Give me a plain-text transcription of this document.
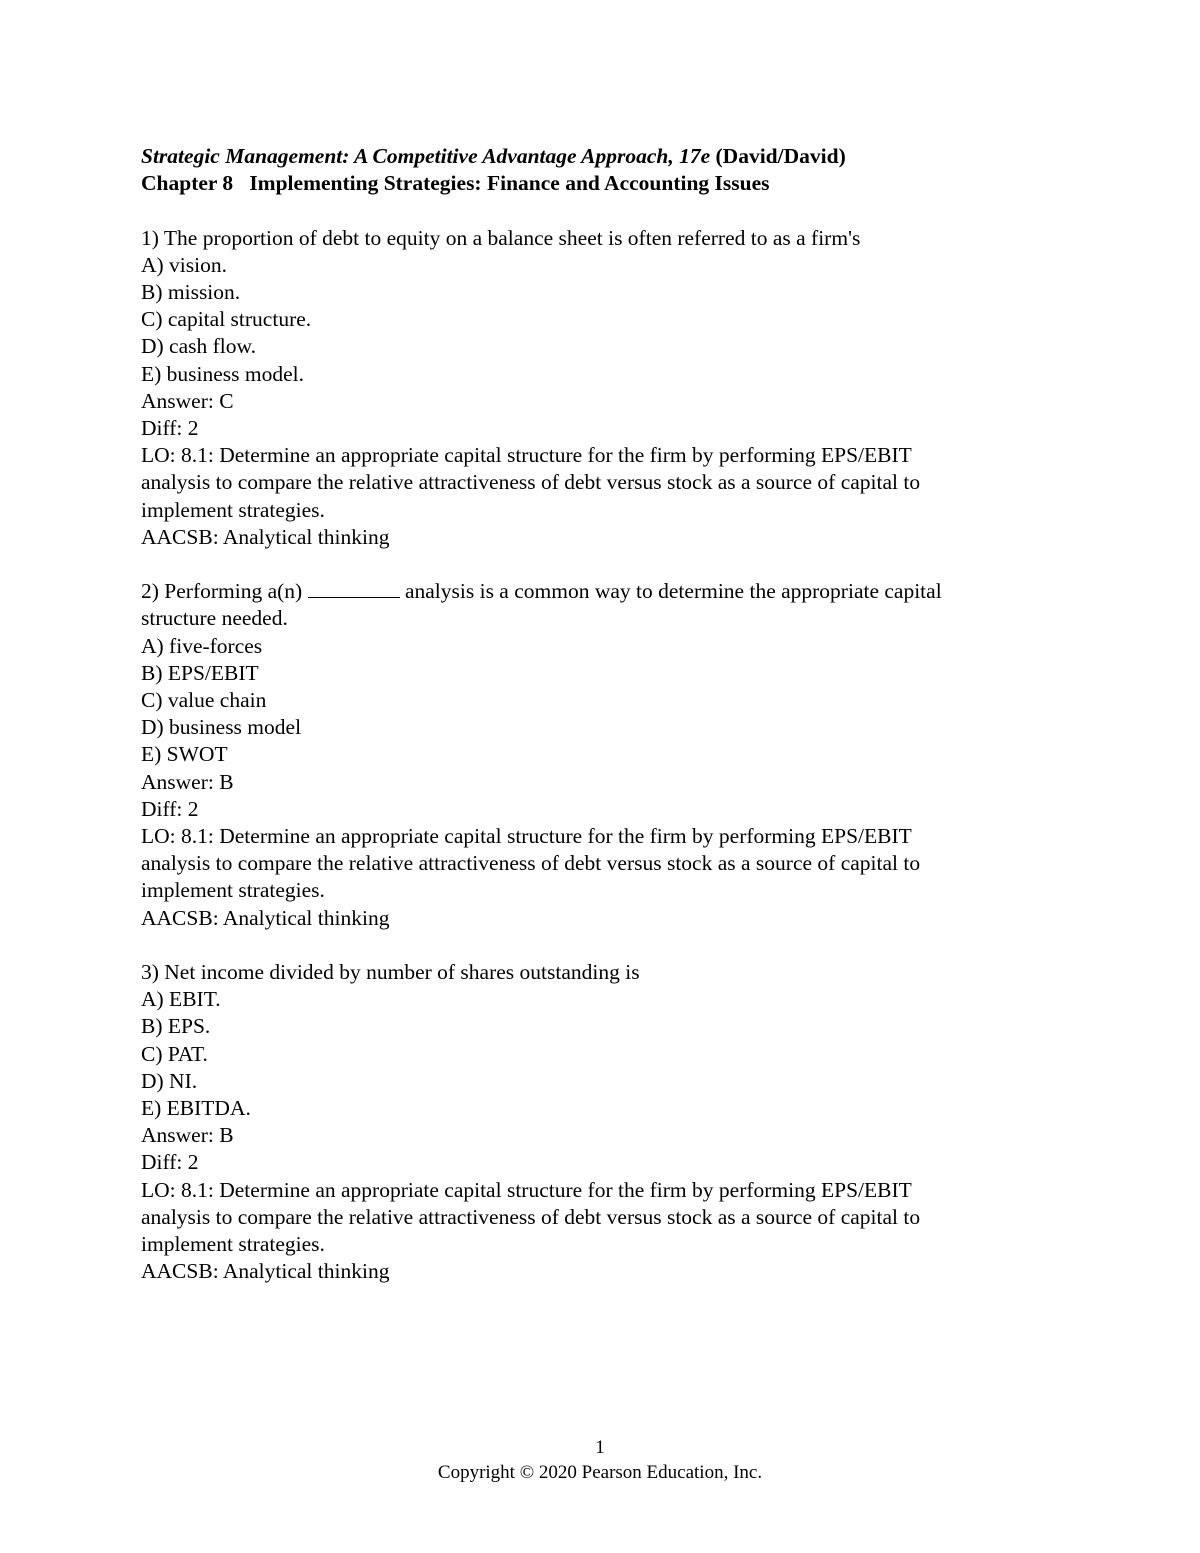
Strategic Management: A Competitive Advantage Approach, 17e (David/David)
Chapter 8 Implementing Strategies: Finance and Accounting Issues
1) The proportion of debt to equity on a balance sheet is often referred to as a firm's
A) vision.
B) mission.
C) capital structure.
D) cash flow.
E) business model.
Answer: C
Diff: 2
LO: 8.1: Determine an appropriate capital structure for the firm by performing EPS/EBIT
analysis to compare the relative attractiveness of debt versus stock as a source of capital to
implement strategies.
AACSB: Analytical thinking
2) Performing a(n)	analysis is a common way to determine the appropriate capital
structure needed.
A) five-forces
B) EPS/EBIT
C) value chain
D) business model
E) SWOT
Answer: B
Diff: 2
LO: 8.1: Determine an appropriate capital structure for the firm by performing EPS/EBIT
analysis to compare the relative attractiveness of debt versus stock as a source of capital to
implement strategies.
AACSB: Analytical thinking
3) Net income divided by number of shares outstanding is
A) EBIT.
B) EPS.
C) PAT.
D) NI.
E) EBITDA.
Answer: B
Diff: 2
LO: 8.1: Determine an appropriate capital structure for the firm by performing EPS/EBIT
analysis to compare the relative attractiveness of debt versus stock as a source of capital to
implement strategies.
AACSB: Analytical thinking
1
Copyright © 2020 Pearson Education, Inc.
